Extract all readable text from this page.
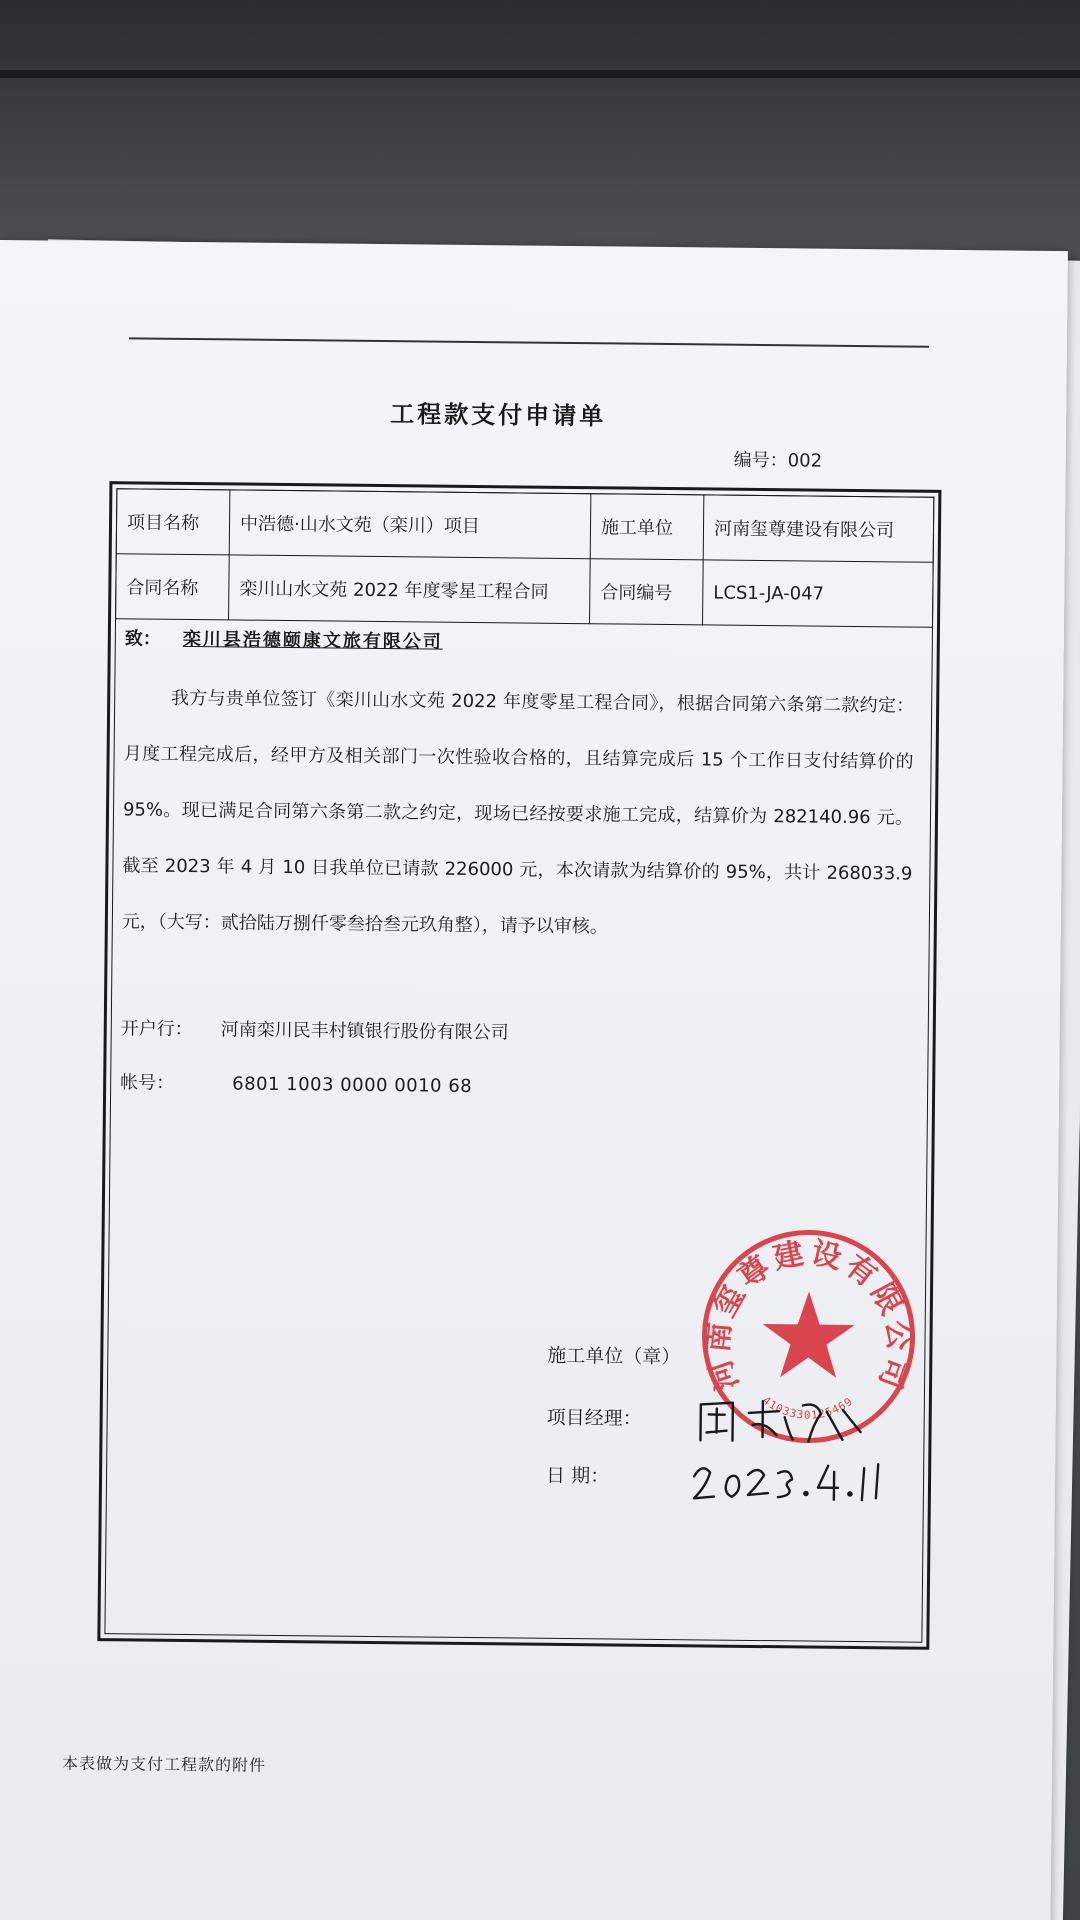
工程款支付申请单
编号：002
项目名称	中浩德·山水文苑（栾川）项目	施工单位	河南玺尊建设有限公司
合同名称	栾川山水文苑 2022 年度零星工程合同	合同编号	LCS1-JA-047
致： 栾川县浩德颐康文旅有限公司
我方与贵单位签订《栾川山水文苑 2022 年度零星工程合同》，根据合同第六条第二款约定：月度工程完成后，经甲方及相关部门一次性验收合格的，且结算完成后 15 个工作日支付结算价的 95%。现已满足合同第六条第二款之约定，现场已经按要求施工完成，结算价为 282140.96 元。截至 2023 年 4 月 10 日我单位已请款 226000 元，本次请款为结算价的 95%，共计 268033.9 元，（大写：贰拾陆万捌仟零叁拾叁元玖角整），请予以审核。
开户行： 河南栾川民丰村镇银行股份有限公司
帐号：	6801 1003 0000 0010 68
河南玺尊建设有限公司
4103330125469
施工单位（章）
项目经理：
日 期：
本表做为支付工程款的附件
